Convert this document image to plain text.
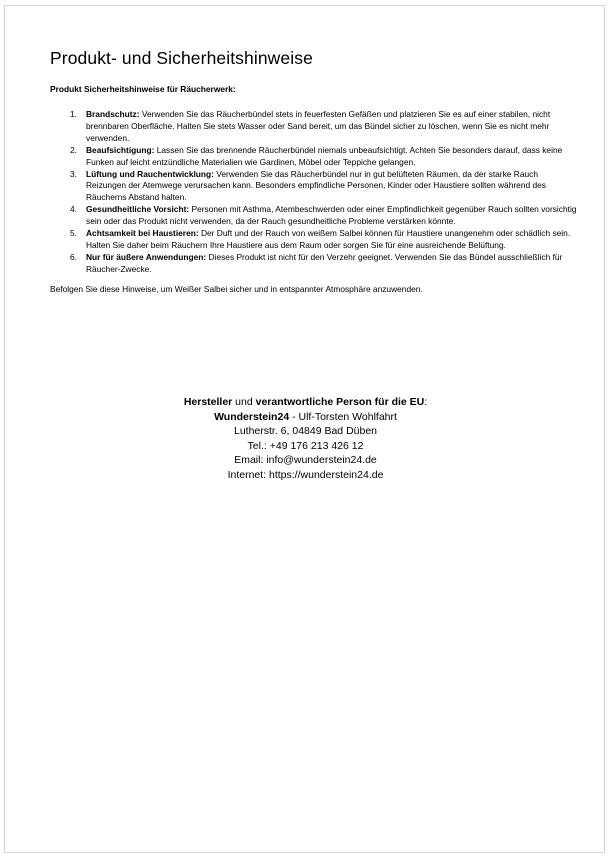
Produkt- und Sicherheitshinweise

Produkt Sicherheitshinweise für Räucherwerk:

1.	Brandschutz: Verwenden Sie das Räucherbündel stets in feuerfesten Gefäßen und platzieren Sie es auf einer stabilen, nicht brennbaren Oberfläche. Halten Sie stets Wasser oder Sand bereit, um das Bündel sicher zu löschen, wenn Sie es nicht mehr verwenden.
2.	Beaufsichtigung: Lassen Sie das brennende Räucherbündel niemals unbeaufsichtigt. Achten Sie besonders darauf, dass keine Funken auf leicht entzündliche Materialien wie Gardinen, Möbel oder Teppiche gelangen.
3.	Lüftung und Rauchentwicklung: Verwenden Sie das Räucherbündel nur in gut belüfteten Räumen, da der starke Rauch Reizungen der Atemwege verursachen kann. Besonders empfindliche Personen, Kinder oder Haustiere sollten während des Räucherns Abstand halten.
4.	Gesundheitliche Vorsicht: Personen mit Asthma, Atembeschwerden oder einer Empfindlichkeit gegenüber Rauch sollten vorsichtig sein oder das Produkt nicht verwenden, da der Rauch gesundheitliche Probleme verstärken könnte.
5.	Achtsamkeit bei Haustieren: Der Duft und der Rauch von weißem Salbei können für Haustiere unangenehm oder schädlich sein. Halten Sie daher beim Räuchern Ihre Haustiere aus dem Raum oder sorgen Sie für eine ausreichende Belüftung.
6.	Nur für äußere Anwendungen: Dieses Produkt ist nicht für den Verzehr geeignet. Verwenden Sie das Bündel ausschließlich für Räucher-Zwecke.

Befolgen Sie diese Hinweise, um Weißer Salbei sicher und in entspannter Atmosphäre anzuwenden.

Hersteller und verantwortliche Person für die EU:
Wunderstein24 - Ulf-Torsten Wohlfahrt
Lutherstr. 6, 04849 Bad Düben
Tel.: +49 176 213 426 12
Email: info@wunderstein24.de
Internet: https://wunderstein24.de
